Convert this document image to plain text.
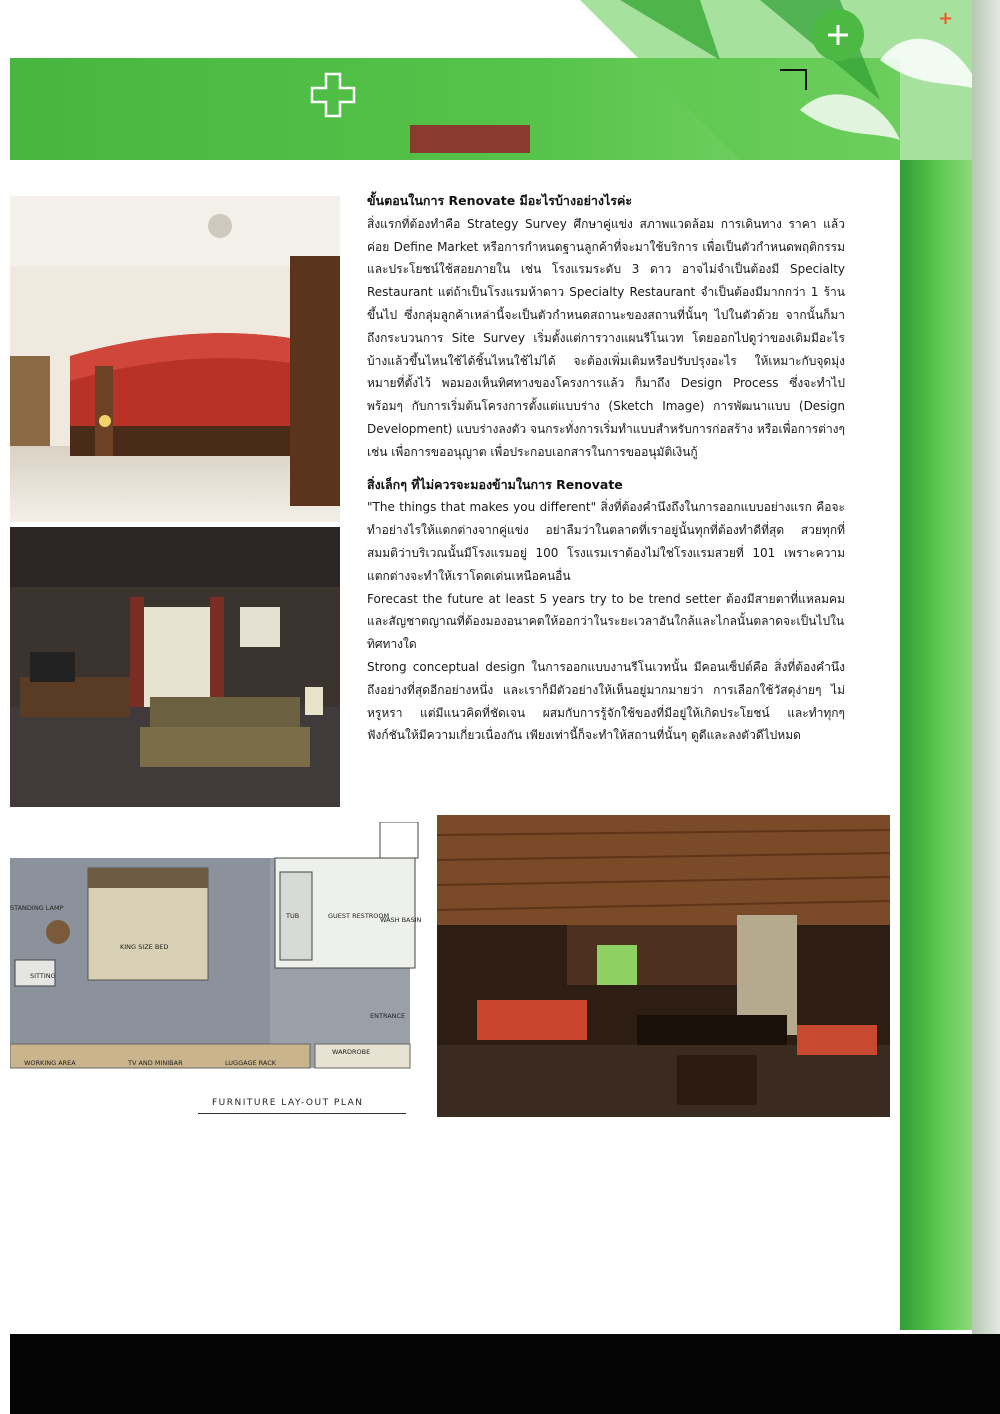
+
ขั้นตอนในการ Renovate มีอะไรบ้างอย่างไรค่ะ

สิ่งแรกที่ต้องทำคือ Strategy Survey ศึกษาคู่แข่ง สภาพแวดล้อม การเดินทาง ราคา แล้วค่อย Define Market หรือการกำหนดฐานลูกค้าที่จะมาใช้บริการ เพื่อเป็นตัวกำหนดพฤติกรรมและประโยชน์ใช้สอยภายใน เช่น โรงแรมระดับ 3 ดาว อาจไม่จำเป็นต้องมี Specialty Restaurant แต่ถ้าเป็นโรงแรมห้าดาว Specialty Restaurant จำเป็นต้องมีมากกว่า 1 ร้านขึ้นไป ซึ่งกลุ่มลูกค้าเหล่านี้จะเป็นตัวกำหนดสถานะของสถานที่นั้นๆ ไปในตัวด้วย จากนั้นก็มาถึงกระบวนการ Site Survey เริ่มตั้งแต่การวางแผนรีโนเวท โดยออกไปดูว่าของเดิมมีอะไรบ้างแล้วขึ้นไหนใช้ได้ชิ้นไหนใช้ไม่ได้ จะต้องเพิ่มเติมหรือปรับปรุงอะไร ให้เหมาะกับจุดมุ่งหมายที่ตั้งไว้ พอมองเห็นทิศทางของโครงการแล้ว ก็มาถึง Design Process ซึ่งจะทำไปพร้อมๆ กับการเริ่มต้นโครงการตั้งแต่แบบร่าง (Sketch Image) การพัฒนาแบบ (Design Development) แบบร่างลงตัว จนกระทั่งการเริ่มทำแบบสำหรับการก่อสร้าง หรือเพื่อการต่างๆ เช่น เพื่อการขออนุญาต เพื่อประกอบเอกสารในการขออนุมัติเงินกู้

สิ่งเล็กๆ ที่ไม่ควรจะมองข้ามในการ Renovate

"The things that makes you different" สิ่งที่ต้องคำนึงถึงในการออกแบบอย่างแรก คือจะทำอย่างไรให้แตกต่างจากคู่แข่ง อย่าลืมว่าในตลาดที่เราอยู่นั้นทุกที่ต้องทำดีที่สุด สวยทุกที่ สมมติว่าบริเวณนั้นมีโรงแรมอยู่ 100 โรงแรมเราต้องไม่ใช่โรงแรมสวยที่ 101 เพราะความแตกต่างจะทำให้เราโดดเด่นเหนือคนอื่น

Forecast the future at least 5 years try to be trend setter ต้องมีสายตาที่แหลมคมและสัญชาตญาณที่ต้องมองอนาคตให้ออกว่าในระยะเวลาอันใกล้และไกลนั้นตลาดจะเป็นไปในทิศทางใด

Strong conceptual design ในการออกแบบงานรีโนเวทนั้น มีคอนเซ็ปต์คือ สิ่งที่ต้องคำนึงถึงอย่างที่สุดอีกอย่างหนึ่ง และเราก็มีตัวอย่างให้เห็นอยู่มากมายว่า การเลือกใช้วัสดุง่ายๆ ไม่หรูหรา แต่มีแนวคิดที่ชัดเจน ผสมกับการรู้จักใช้ของที่มีอยู่ให้เกิดประโยชน์ และทำทุกๆ ฟังก์ชันให้มีความเกี่ยวเนื่องกัน เพียงเท่านี้ก็จะทำให้สถานที่นั้นๆ ดูดีและลงตัวดีไปหมด

STANDING LAMP
KING SIZE BED
SITTING
TUB	GUEST RESTROOM
WASH BASIN
ENTRANCE
WORKING AREA	TV AND MINIBAR	LUGGAGE RACK
WARDROBE
FURNITURE LAY-OUT PLAN
